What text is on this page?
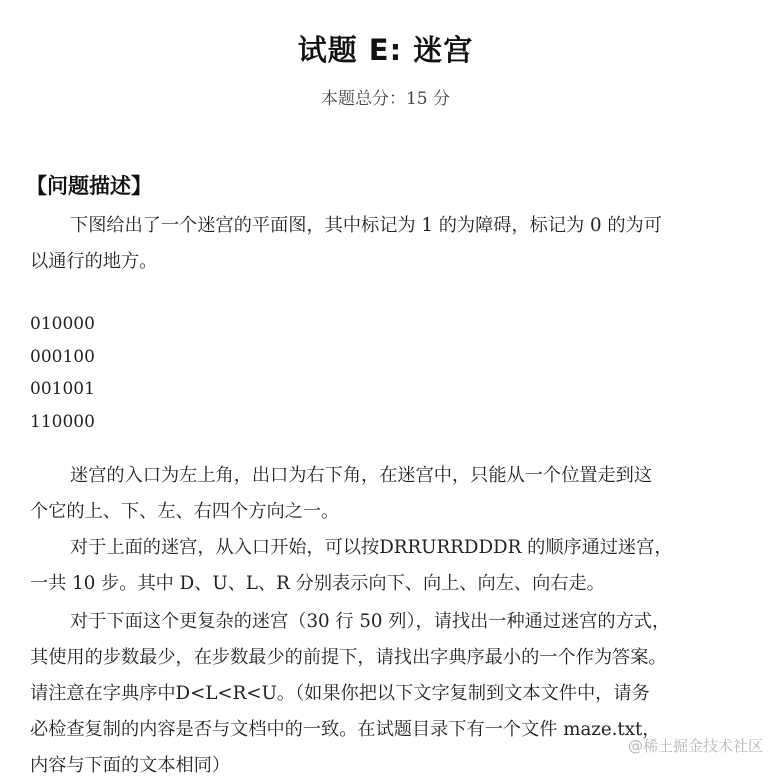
试题 E: 迷宫
本题总分：15 分
【问题描述】
下图给出了一个迷宫的平面图，其中标记为 1 的为障碍，标记为 0 的为可
以通行的地方。
010000
000100
001001
110000
迷宫的入口为左上角，出口为右下角，在迷宫中，只能从一个位置走到这
个它的上、下、左、右四个方向之一。
对于上面的迷宫，从入口开始，可以按DRRURRDDDR 的顺序通过迷宫，
一共 10 步。其中 D、U、L、R 分别表示向下、向上、向左、向右走。
对于下面这个更复杂的迷宫（30 行 50 列），请找出一种通过迷宫的方式，
其使用的步数最少，在步数最少的前提下，请找出字典序最小的一个作为答案。
请注意在字典序中D<L<R<U。（如果你把以下文字复制到文本文件中，请务
必检查复制的内容是否与文档中的一致。在试题目录下有一个文件 maze.txt，
内容与下面的文本相同）
@稀土掘金技术社区
